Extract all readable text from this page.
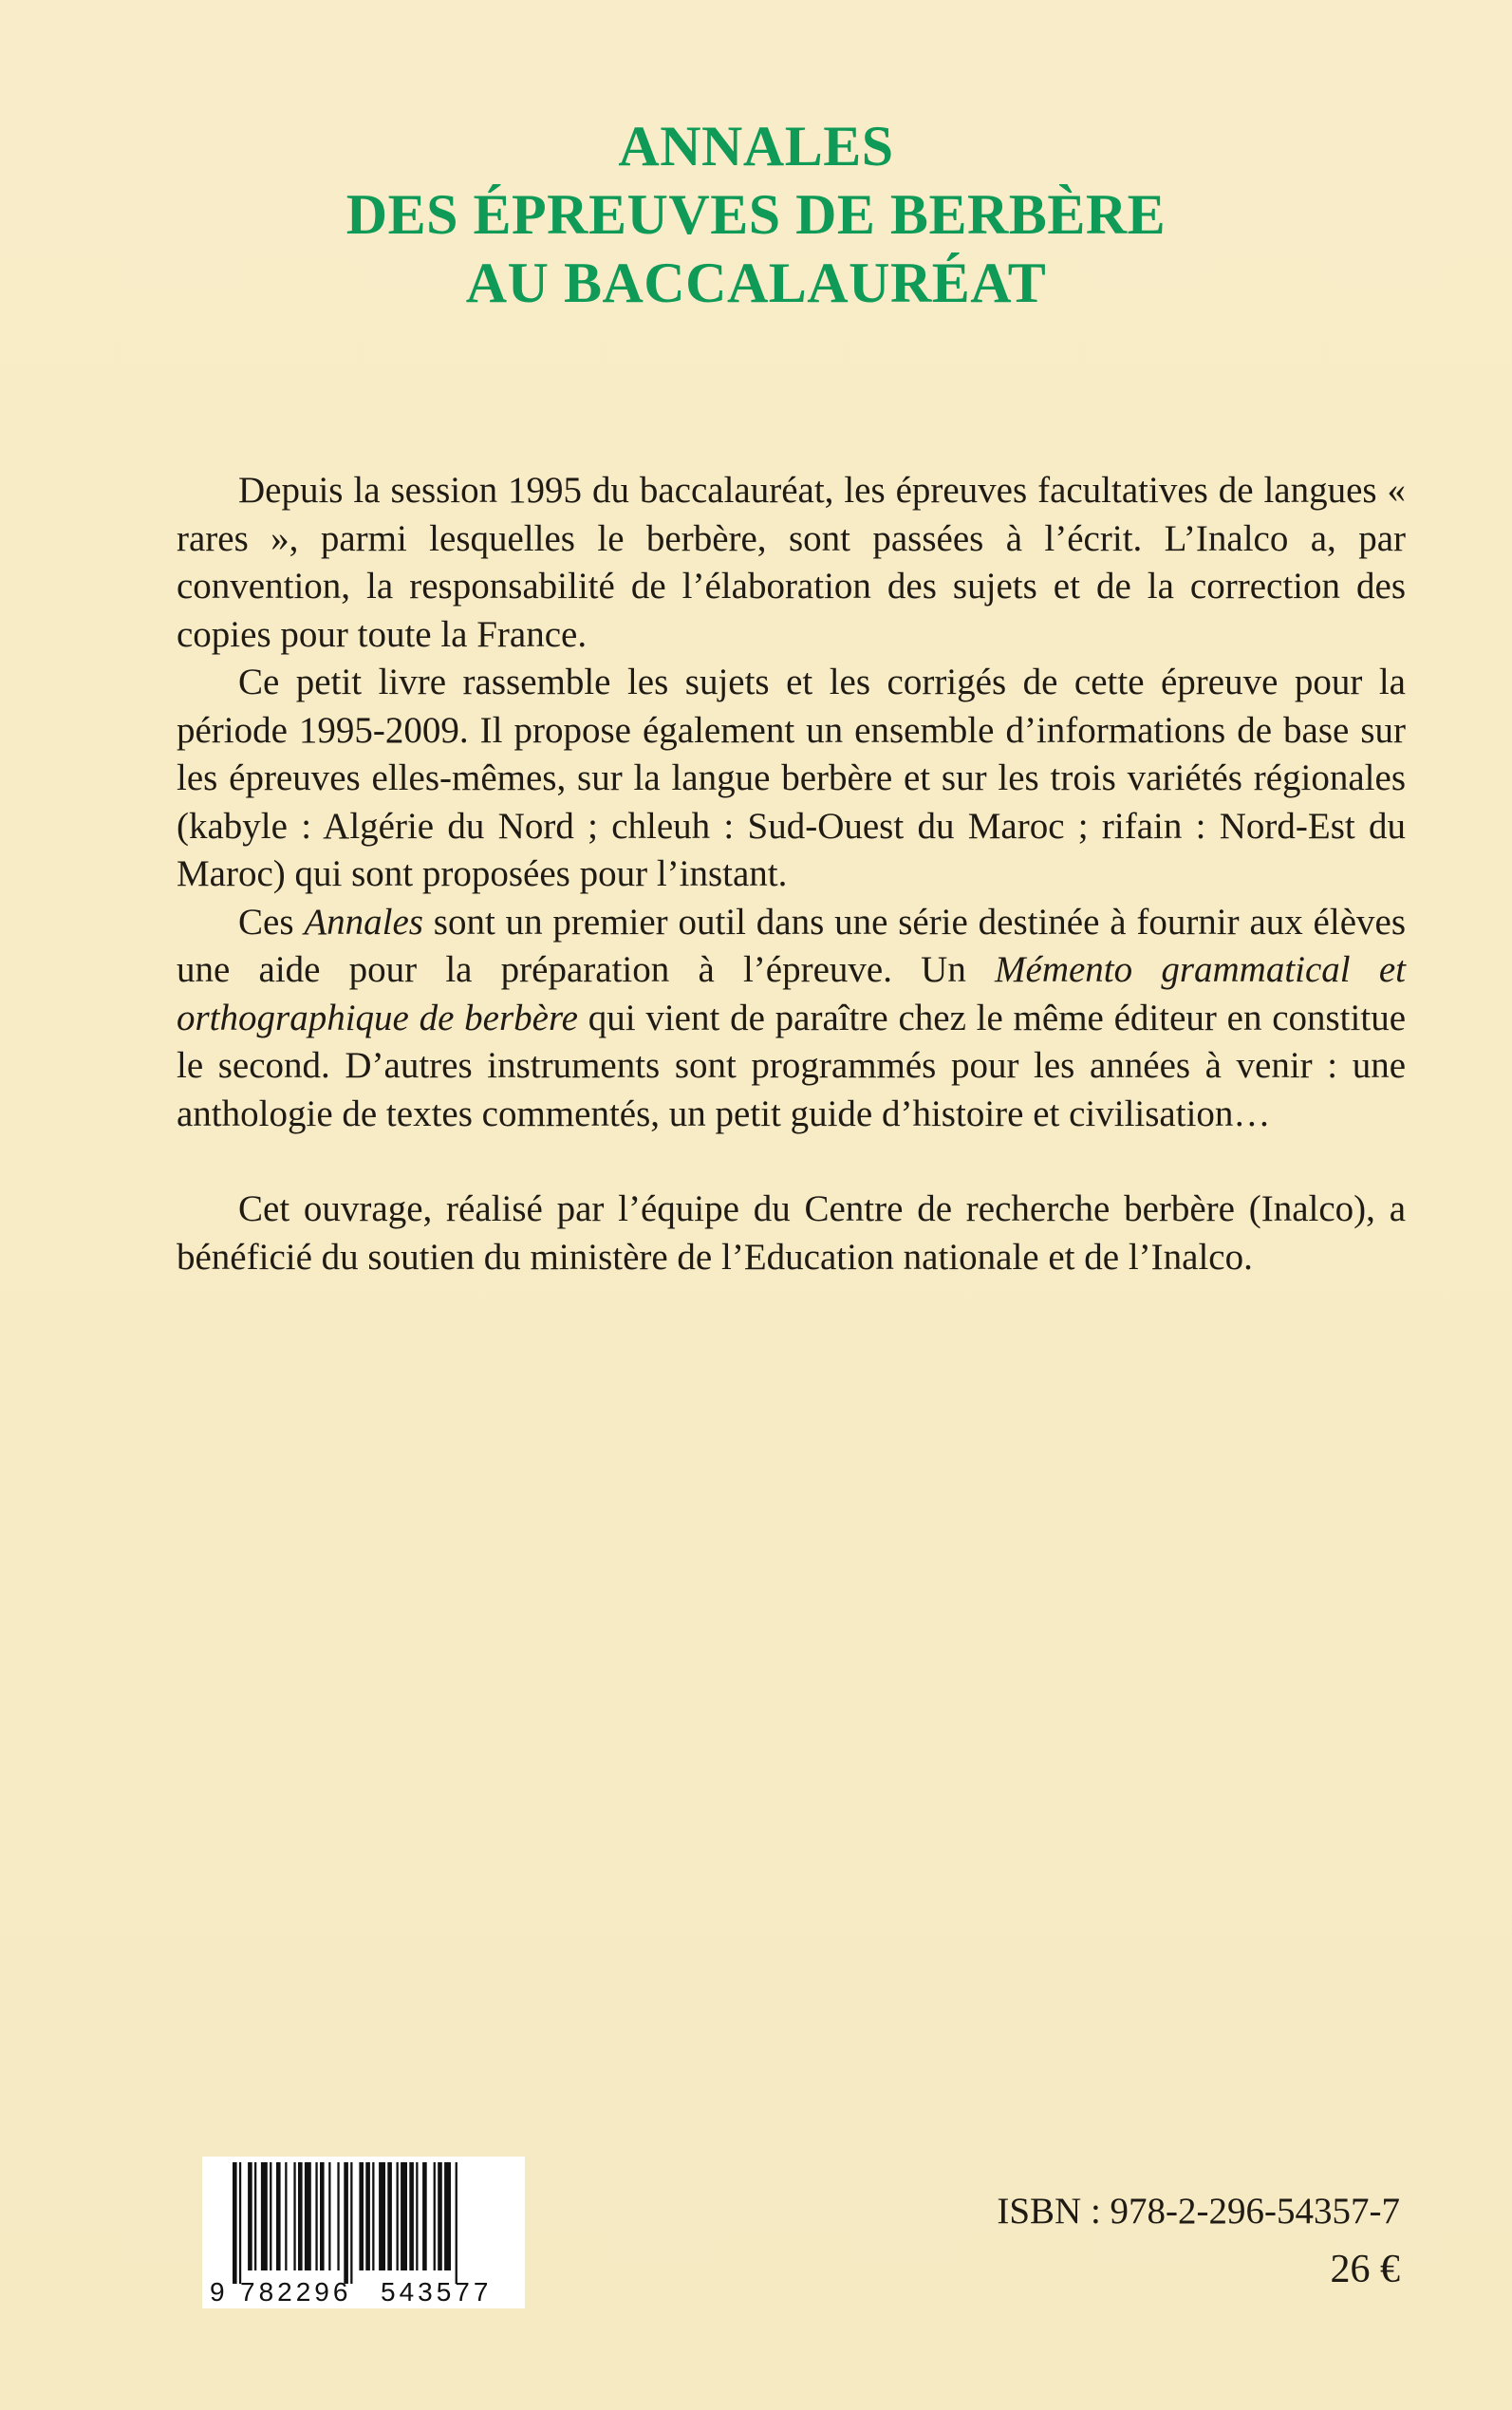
ANNALES
DES ÉPREUVES DE BERBÈRE
AU BACCALAURÉAT

Depuis la session 1995 du baccalauréat, les épreuves facultatives de langues « rares », parmi lesquelles le berbère, sont passées à l’écrit. L’Inalco a, par convention, la responsabilité de l’élaboration des sujets et de la correction des copies pour toute la France.

Ce petit livre rassemble les sujets et les corrigés de cette épreuve pour la période 1995-2009. Il propose également un ensemble d’informations de base sur les épreuves elles-mêmes, sur la langue berbère et sur les trois variétés régionales (kabyle : Algérie du Nord ; chleuh : Sud-Ouest du Maroc ; rifain : Nord-Est du Maroc) qui sont proposées pour l’instant.

Ces Annales sont un premier outil dans une série destinée à fournir aux élèves une aide pour la préparation à l’épreuve. Un Mémento grammatical et orthographique de berbère qui vient de paraître chez le même éditeur en constitue le second. D’autres instruments sont programmés pour les années à venir : une anthologie de textes commentés, un petit guide d’histoire et civilisation…

Cet ouvrage, réalisé par l’équipe du Centre de recherche berbère (Inalco), a bénéficié du soutien du ministère de l’Education nationale et de l’Inalco.

9 782296 543577
ISBN : 978-2-296-54357-7
26 €
